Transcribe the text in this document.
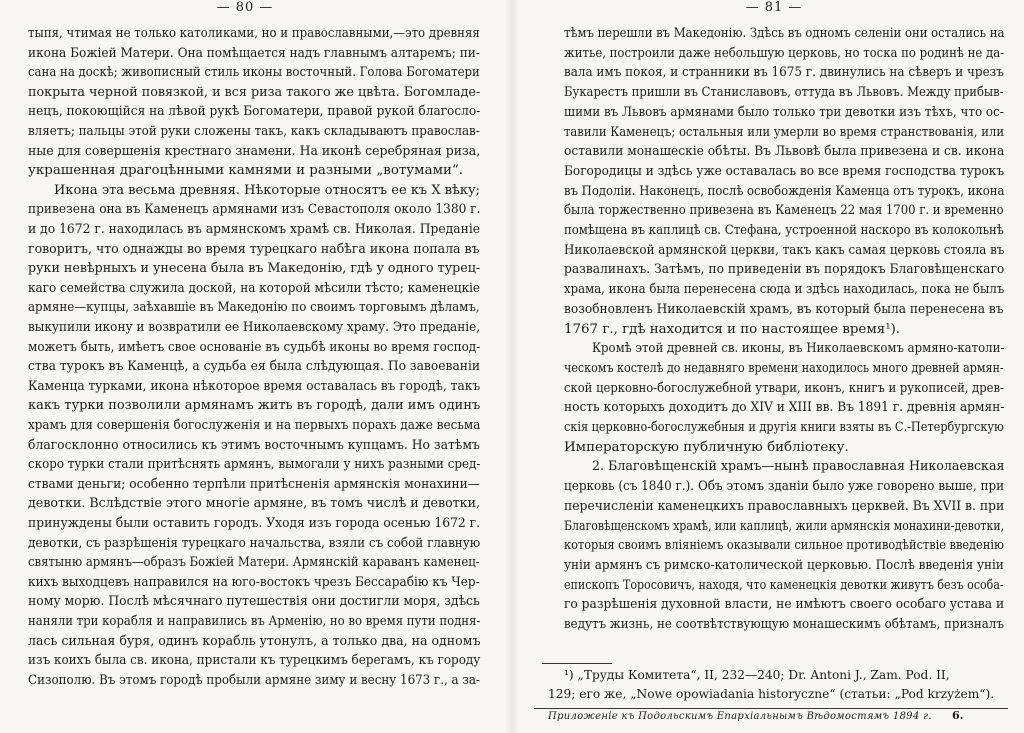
— 80 —
тыпя, чтимая не только католиками, но и православными,—это древняя
икона Божіей Матери. Она помѣщается надъ главнымъ алтаремъ; пи-
сана на доскѣ; живописный стиль иконы восточный. Голова Богоматери
покрыта черной повязкой, и вся риза такого же цвѣта. Богомладе-
нецъ, покоющійся на лѣвой рукѣ Богоматери, правой рукой благосло-
вляетъ; пальцы этой руки сложены такъ, какъ складываютъ православ-
ные для совершенія крестнаго знамени. На иконѣ серебряная риза,
украшенная драгоцѣнными камнями и разными „вотумами“.
Икона эта весьма древняя. Нѣкоторые относятъ ее къ X вѣку;
привезена она въ Каменецъ армянами изъ Севастополя около 1380 г.
и до 1672 г. находилась въ армянскомъ храмѣ св. Николая. Преданіе
говоритъ, что однажды во время турецкаго набѣга икона попала въ
руки невѣрныхъ и унесена была въ Македонію, гдѣ у одного турец-
каго семейства служила доской, на которой мѣсили тѣсто; каменецкіе
армяне—купцы, заѣхавшіе въ Македонію по своимъ торговымъ дѣламъ,
выкупили икону и возвратили ее Николаевскому храму. Это преданіе,
можетъ быть, имѣетъ свое основаніе въ судьбѣ иконы во время господ-
ства турокъ въ Каменцѣ, а судьба ея была слѣдующая. По завоеваніи
Каменца турками, икона нѣкоторое время оставалась въ городѣ, такъ
какъ турки позволили армянамъ жить въ городѣ, дали имъ одинъ
храмъ для совершенія богослуженія и на первыхъ порахъ даже весьма
благосклонно относились къ этимъ восточнымъ купцамъ. Но затѣмъ
скоро турки стали притѣснять армянъ, вымогали у нихъ разными сред-
ствами деньги; особенно терпѣли притѣсненія армянскія монахини—
девотки. Вслѣдствіе этого многіе армяне, въ томъ числѣ и девотки,
принуждены были оставить городъ. Уходя изъ города осенью 1672 г.
девотки, съ разрѣшенія турецкаго начальства, взяли съ собой главную
святыню армянъ—образъ Божіей Матери. Армянскій караванъ каменец-
кихъ выходцевъ направился на юго-востокъ чрезъ Бессарабію къ Чер-
ному морю. Послѣ мѣсячнаго путешествія они достигли моря, здѣсь
наняли три корабля и направились въ Арменію, но во время пути подня-
лась сильная буря, одинъ корабль утонулъ, а только два, на одномъ
изъ коихъ была св. икона, пристали къ турецкимъ берегамъ, къ городу
Сизополю. Въ этомъ городѣ пробыли армяне зиму и весну 1673 г., а за-
— 81 —
тѣмъ перешли въ Македонію. Здѣсь въ одномъ селеніи они остались на
житье, построили даже небольшую церковь, но тоска по родинѣ не да-
вала имъ покоя, и странники въ 1675 г. двинулись на сѣверъ и чрезъ
Букарестъ пришли въ Станиславовъ, оттуда въ Львовъ. Между прибыв-
шими въ Львовъ армянами было только три девотки изъ тѣхъ, что ос-
тавили Каменецъ; остальныя или умерли во время странствованія, или
оставили монашескіе обѣты. Въ Львовѣ была привезена и св. икона
Богородицы и здѣсь уже оставалась во все время господства турокъ
въ Подоліи. Наконецъ, послѣ освобожденія Каменца отъ турокъ, икона
была торжественно привезена въ Каменецъ 22 мая 1700 г. и временно
помѣщена въ каплицѣ св. Стефана, устроенной наскоро въ колокольнѣ
Николаевской армянской церкви, такъ какъ самая церковь стояла въ
развалинахъ. Затѣмъ, по приведеніи въ порядокъ Благовѣщенскаго
храма, икона была перенесена сюда и здѣсь находилась, пока не былъ
возобновленъ Николаевскій храмъ, въ который была перенесена въ
1767 г., гдѣ находится и по настоящее время¹).
Кромѣ этой древней св. иконы, въ Николаевскомъ армяно-католи-
ческомъ костелѣ до недавняго времени находилось много древней армян-
ской церковно-богослужебной утвари, иконъ, книгъ и рукописей, древ-
ность которыхъ доходитъ до XIV и XIII вв. Въ 1891 г. древнія армян-
скія церковно-богослужебныя и другія книги взяты въ С.-Петербургскую
Императорскую публичную библіотеку.
2. Благовѣщенскій храмъ—нынѣ православная Николаевская
церковь (съ 1840 г.). Объ этомъ зданіи было уже говорено выше, при
перечисленіи каменецкихъ православныхъ церквей. Въ XVII в. при
Благовѣщенскомъ храмѣ, или каплицѣ, жили армянскія монахини-девотки,
которыя своимъ вліяніемъ оказывали сильное противодѣйствіе введенію
уніи армянъ съ римско-католической церковью. Послѣ введенія уніи
епископъ Торосовичъ, находя, что каменецкія девотки живутъ безъ особа-
го разрѣшенія духовной власти, не имѣютъ своего особаго устава и
ведутъ жизнь, не соотвѣтствующую монашескимъ обѣтамъ, призналъ
¹) „Труды Комитета“, II, 232—240; Dr. Antoni J., Zam. Pod. II,
129; его же, „Nowe opowiadania historyczne“ (статьи: „Pod krzyżem“).
Приложеніе къ Подольскимъ Епархіальнымъ Вѣдомостямъ 1894 г. 6.
